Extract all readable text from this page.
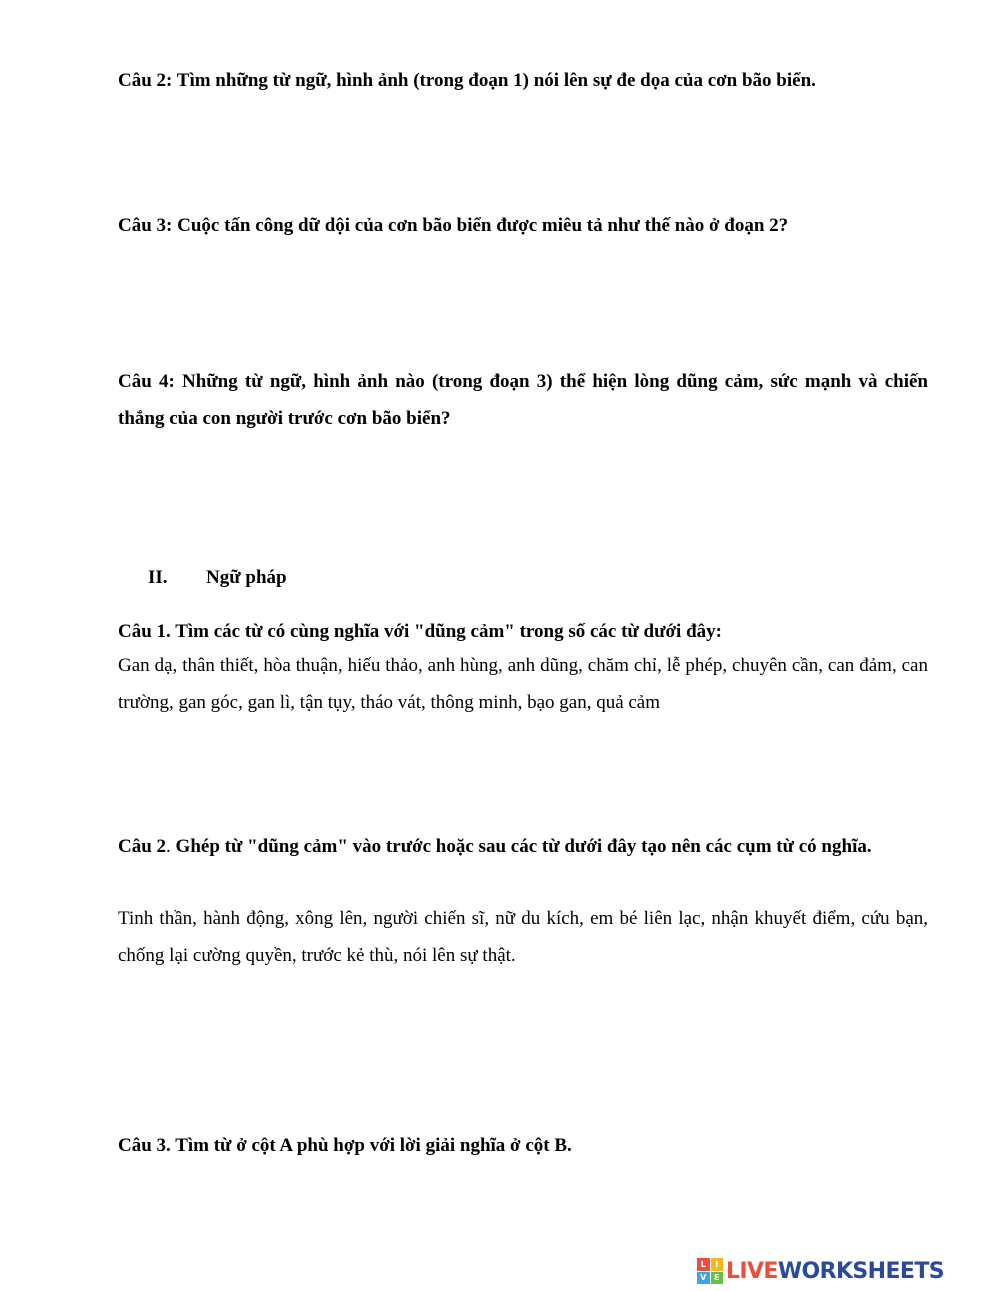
Câu 2: Tìm những từ ngữ, hình ảnh (trong đoạn 1) nói lên sự đe dọa của cơn bão biển.
Câu 3: Cuộc tấn công dữ dội của cơn bão biển được miêu tả như thế nào ở đoạn 2?
Câu 4: Những từ ngữ, hình ảnh nào (trong đoạn 3) thể hiện lòng dũng cảm, sức mạnh và chiến thắng của con người trước cơn bão biển?
II. Ngữ pháp
Câu 1. Tìm các từ có cùng nghĩa với "dũng cảm" trong số các từ dưới đây:
Gan dạ, thân thiết, hòa thuận, hiếu thảo, anh hùng, anh dũng, chăm chỉ, lễ phép, chuyên cần, can đảm, can trường, gan góc, gan lì, tận tụy, tháo vát, thông minh, bạo gan, quả cảm
Câu 2. Ghép từ "dũng cảm" vào trước hoặc sau các từ dưới đây tạo nên các cụm từ có nghĩa.
Tinh thần, hành động, xông lên, người chiến sĩ, nữ du kích, em bé liên lạc, nhận khuyết điểm, cứu bạn, chống lại cường quyền, trước kẻ thù, nói lên sự thật.
Câu 3. Tìm từ ở cột A phù hợp với lời giải nghĩa ở cột B.
L	I
V E LIVEWORKSHEETS
